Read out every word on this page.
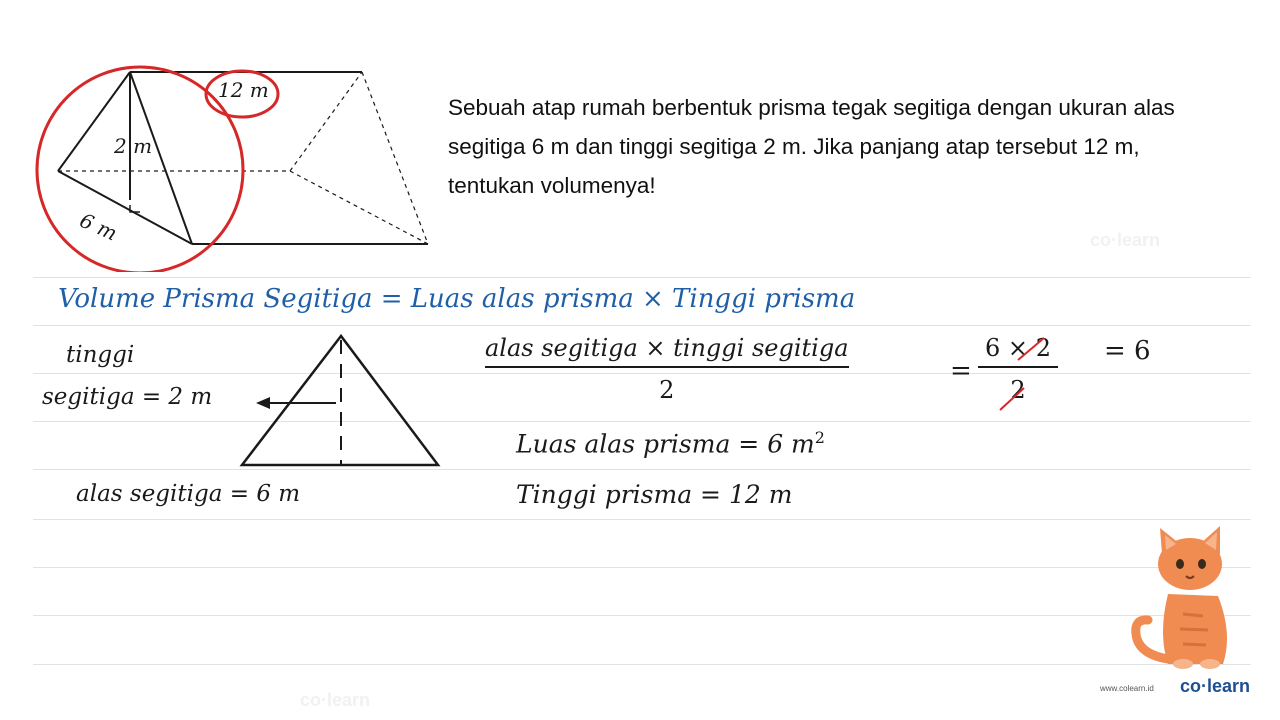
co·learn
co·learn
12 m
2 m
6 m
Sebuah atap rumah berbentuk prisma tegak segitiga dengan ukuran alas
segitiga 6 m dan tinggi segitiga 2 m. Jika panjang atap tersebut 12 m,
tentukan volumenya!
Volume Prisma Segitiga = Luas alas prisma × Tinggi prisma
tinggi
segitiga = 2 m
alas segitiga = 6 m
alas segitiga × tinggi segitiga
2
=
6 × 2
2
= 6
Luas alas prisma = 6 $m^2$
Tinggi prisma = 12 m
www.colearn.id co·learn
